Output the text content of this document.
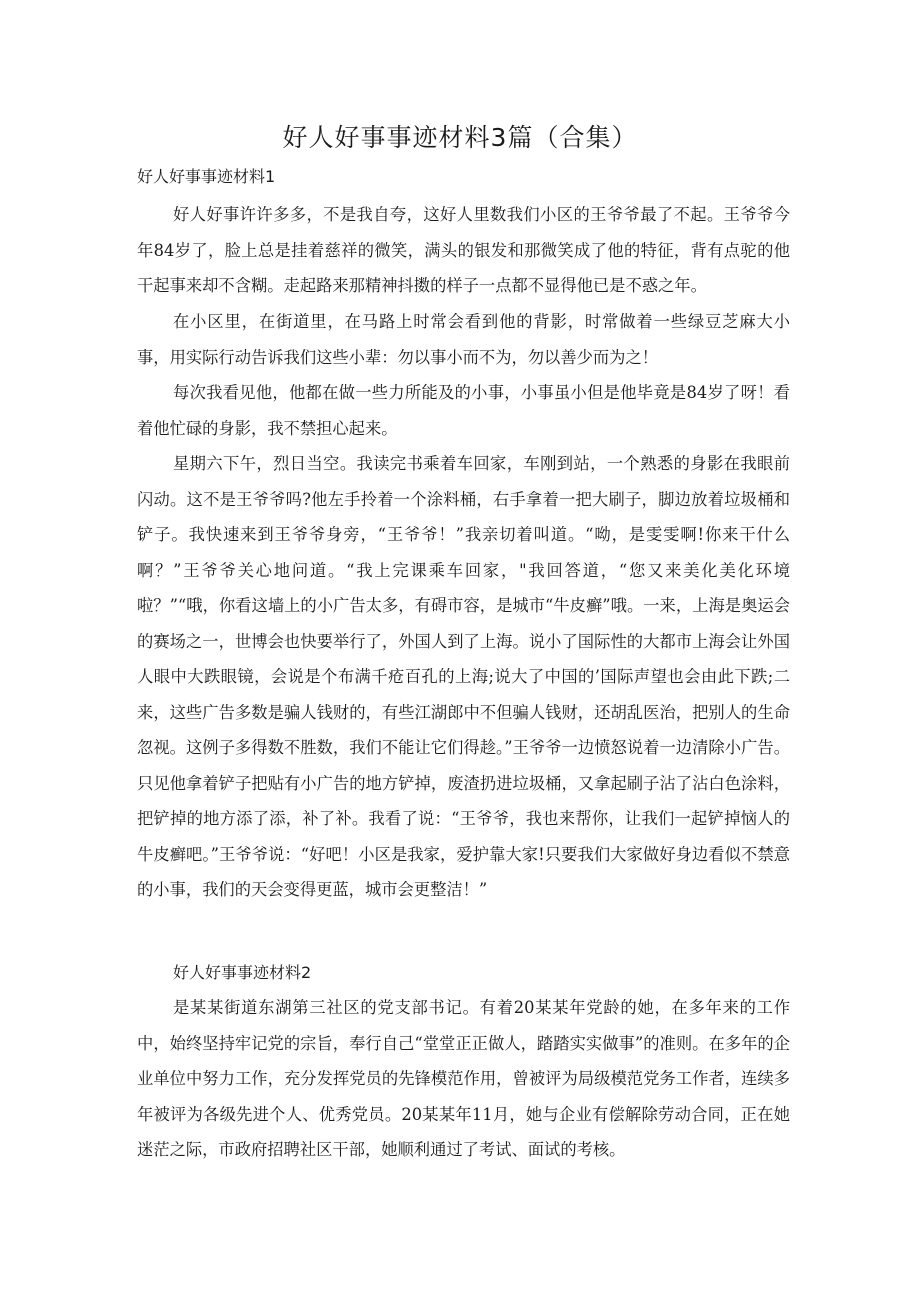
好人好事事迹材料3篇（合集）

好人好事事迹材料1

好人好事许许多多，不是我自夸，这好人里数我们小区的王爷爷最了不起。王爷爷今年84岁了，脸上总是挂着慈祥的微笑，满头的银发和那微笑成了他的特征，背有点驼的他干起事来却不含糊。走起路来那精神抖擞的样子一点都不显得他已是不惑之年。

在小区里，在街道里，在马路上时常会看到他的背影，时常做着一些绿豆芝麻大小事，用实际行动告诉我们这些小辈：勿以事小而不为，勿以善少而为之！

每次我看见他，他都在做一些力所能及的小事，小事虽小但是他毕竟是84岁了呀！看着他忙碌的身影，我不禁担心起来。

星期六下午，烈日当空。我读完书乘着车回家，车刚到站，一个熟悉的身影在我眼前闪动。这不是王爷爷吗?他左手拎着一个涂料桶，右手拿着一把大刷子，脚边放着垃圾桶和铲子。我快速来到王爷爷身旁，“王爷爷！”我亲切着叫道。“呦，是雯雯啊!你来干什么啊？”王爷爷关心地问道。“我上完课乘车回家，"我回答道，“您又来美化美化环境啦？”“哦，你看这墙上的小广告太多，有碍市容，是城市“牛皮癣”哦。一来，上海是奥运会的赛场之一，世博会也快要举行了，外国人到了上海。说小了国际性的大都市上海会让外国人眼中大跌眼镜，会说是个布满千疮百孔的上海;说大了中国的’国际声望也会由此下跌;二来，这些广告多数是骗人钱财的，有些江湖郎中不但骗人钱财，还胡乱医治，把别人的生命忽视。这例子多得数不胜数，我们不能让它们得趁。”王爷爷一边愤怒说着一边清除小广告。只见他拿着铲子把贴有小广告的地方铲掉，废渣扔进垃圾桶，又拿起刷子沾了沾白色涂料，把铲掉的地方添了添，补了补。我看了说：“王爷爷，我也来帮你，让我们一起铲掉恼人的牛皮癣吧。”王爷爷说：“好吧！小区是我家，爱护靠大家!只要我们大家做好身边看似不禁意的小事，我们的天会变得更蓝，城市会更整洁！”

好人好事事迹材料2

是某某街道东湖第三社区的党支部书记。有着20某某年党龄的她，在多年来的工作中，始终坚持牢记党的宗旨，奉行自己“堂堂正正做人，踏踏实实做事”的准则。在多年的企业单位中努力工作，充分发挥党员的先锋模范作用，曾被评为局级模范党务工作者，连续多年被评为各级先进个人、优秀党员。20某某年11月，她与企业有偿解除劳动合同，正在她迷茫之际，市政府招聘社区干部，她顺利通过了考试、面试的考核。
